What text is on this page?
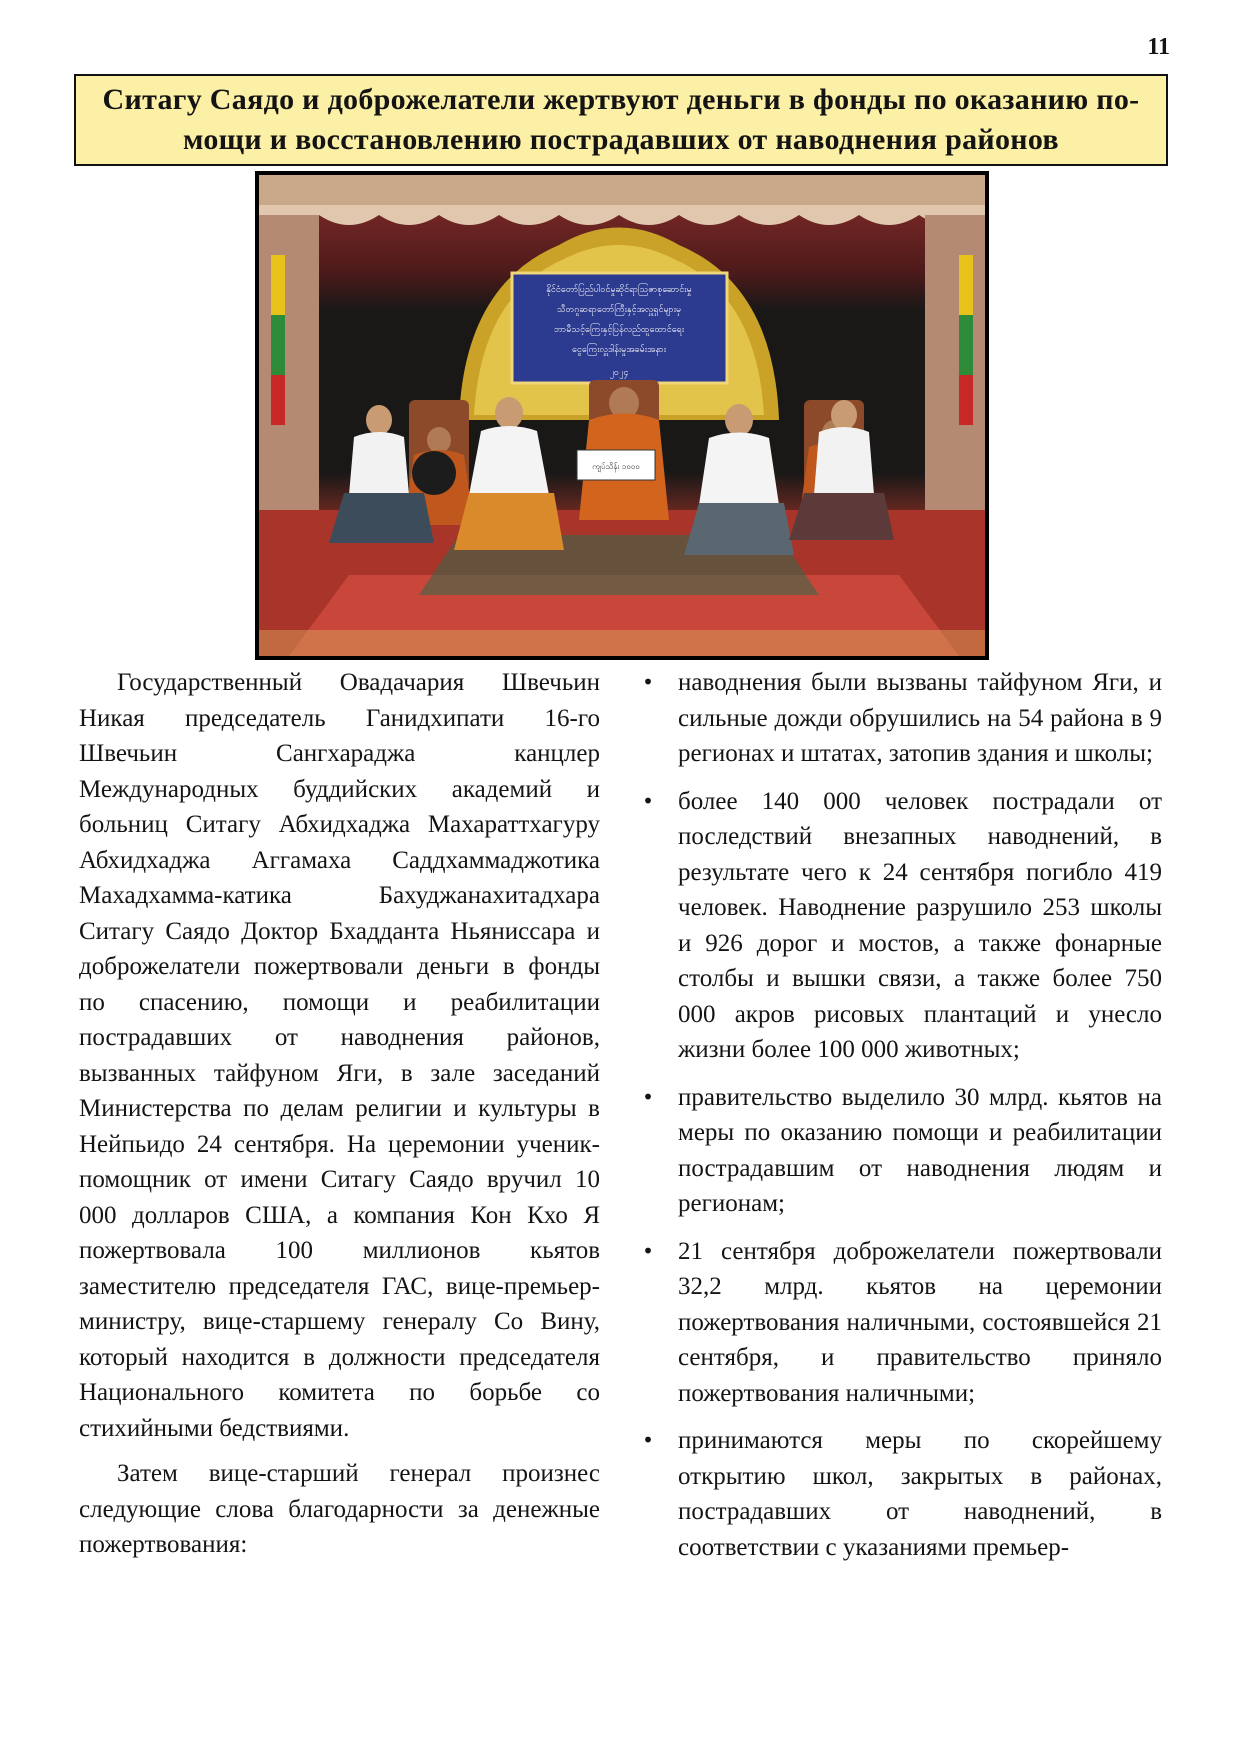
11
Ситагу Саядо и доброжелатели жертвуют деньги в фонды по оказанию по-
мощи и восстановлению пострадавших от наводнения районов
နိုင်ငံတော်ပြည်ပါဝင်မှုဆိုင်ရာသြဇာစုဆောင်းမှု
သီတဂူဆရာတော်ကြီးနှင့်အလှူရှင်များမှ
ဘာမီသင့်ကြေးနှင့်ပြန်လည်ထူထောင်ရေး
ငွေကြေးလှူဒါန်းမှုအခမ်းအနား
၂၀၂၄
ကျပ်သိန်း ၁၀၀၀

Государственный Овадачария Швечьин Никая председатель Ганидхипати 16-го Швечьин Сангхараджа канцлер Международных буддийских академий и больниц Ситагу Абхидхаджа Махараттхагуру Абхидхаджа Аггамаха Саддхаммаджотика Махадхамма-катика Бахуджанахитадхара Ситагу Саядо Доктор Бхадданта Ньяниссара и доброжелатели пожертвовали деньги в фонды по спасению, помощи и реабилитации пострадавших от наводнения районов, вызванных тайфуном Яги, в зале заседаний Министерства по делам религии и культуры в Нейпьидо 24 сентября. На церемонии ученик-помощник от имени Ситагу Саядо вручил 10 000 долларов США, а компания Кон Кхо Я пожертвовала 100 миллионов кьятов заместителю председателя ГАС, вице-премьер-министру, вице-старшему генералу Со Вину, который находится в должности председателя Национального комитета по борьбе со стихийными бедствиями.

Затем вице-старший генерал произнес следующие слова благодарности за денежные пожертвования:

• наводнения были вызваны тайфуном Яги, и сильные дожди обрушились на 54 района в 9 регионах и штатах, затопив здания и школы;
• более 140 000 человек пострадали от последствий внезапных наводнений, в результате чего к 24 сентября погибло 419 человек. Наводнение разрушило 253 школы и 926 дорог и мостов, а также фонарные столбы и вышки связи, а также более 750 000 акров рисовых плантаций и унесло жизни более 100 000 животных;
• правительство выделило 30 млрд. кьятов на меры по оказанию помощи и реабилитации пострадавшим от наводнения людям и регионам;
• 21 сентября доброжелатели пожертвовали 32,2 млрд. кьятов на церемонии пожертвования наличными, состоявшейся 21 сентября, и правительство приняло пожертвования наличными;
• принимаются меры по скорейшему открытию школ, закрытых в районах, пострадавших от наводнений, в соответствии с указаниями премьер-
